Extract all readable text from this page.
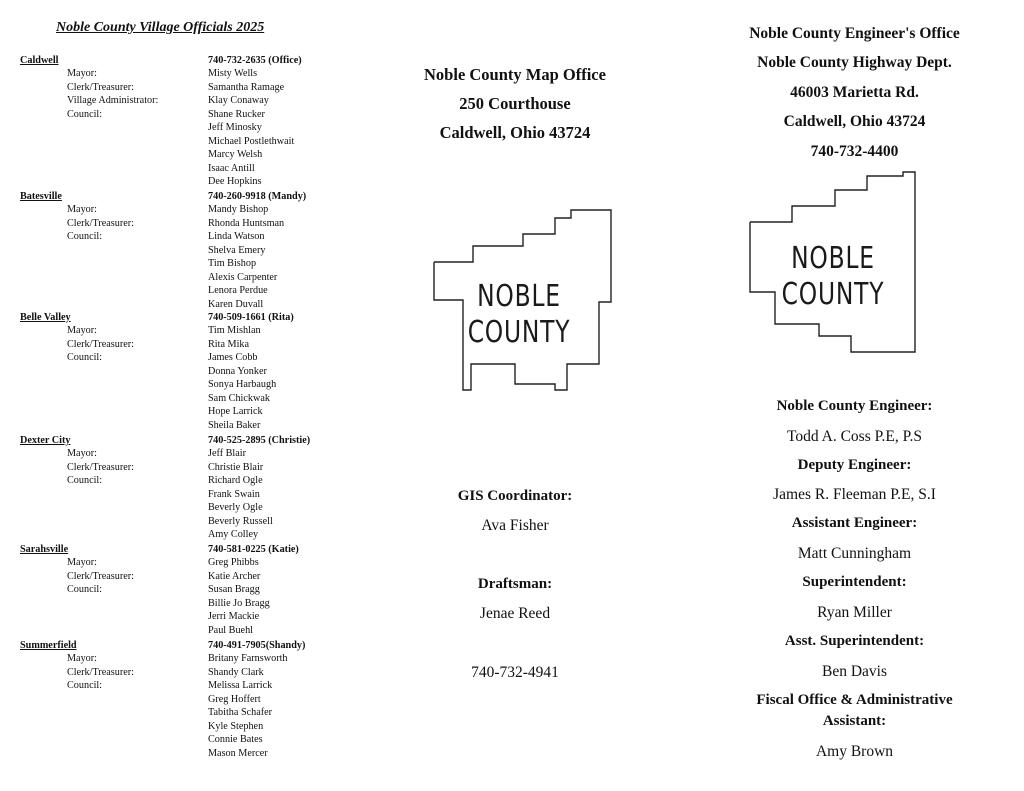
Noble County Village Officials 2025
Caldwell	740-732-2635 (Office)
Mayor:	Misty Wells
Clerk/Treasurer:	Samantha Ramage
Village Administrator:	Klay Conaway
Council:	Shane Rucker
Jeff Minosky
Michael Postlethwait
Marcy Welsh
Isaac Antill
Dee Hopkins
Batesville	740-260-9918 (Mandy)
Mayor:	Mandy Bishop
Clerk/Treasurer:	Rhonda Huntsman
Council:	Linda Watson
Shelva Emery
Tim Bishop
Alexis Carpenter
Lenora Perdue
Karen Duvall
Belle Valley	740-509-1661 (Rita)
Mayor:	Tim Mishlan
Clerk/Treasurer:	Rita Mika
Council:	James Cobb
Donna Yonker
Sonya Harbaugh
Sam Chickwak
Hope Larrick
Sheila Baker
Dexter City	740-525-2895 (Christie)
Mayor:	Jeff Blair
Clerk/Treasurer:	Christie Blair
Council:	Richard Ogle
Frank Swain
Beverly Ogle
Beverly Russell
Amy Colley
Sarahsville	740-581-0225 (Katie)
Mayor:	Greg Phibbs
Clerk/Treasurer:	Katie Archer
Council:	Susan Bragg
Billie Jo Bragg
Jerri Mackie
Paul Buehl
Summerfield	740-491-7905(Shandy)
Mayor:	Britany Farnsworth
Clerk/Treasurer:	Shandy Clark
Council:	Melissa Larrick
Greg Hoffert
Tabitha Schafer
Kyle Stephen
Connie Bates
Mason Mercer
Noble County Map Office
250 Courthouse
Caldwell, Ohio 43724
NOBLE
COUNTY
GIS Coordinator:
Ava Fisher
Draftsman:
Jenae Reed
740-732-4941
Noble County Engineer's Office
Noble County Highway Dept.
46003 Marietta Rd.
Caldwell, Ohio 43724
740-732-4400
NOBLE
COUNTY
Noble County Engineer:
Todd A. Coss P.E, P.S
Deputy Engineer:
James R. Fleeman P.E, S.I
Assistant Engineer:
Matt Cunningham
Superintendent:
Ryan Miller
Asst. Superintendent:
Ben Davis
Fiscal Office & Administrative
Assistant:
Amy Brown
